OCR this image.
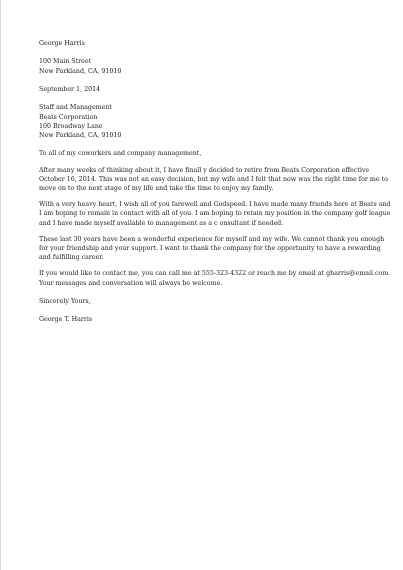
George Harris
100 Main Street
New Parkland, CA, 91010
September 1, 2014
Staff and Management
Beats Corporation
100 Broadway Lane
New Parkland, CA, 91010
To all of my coworkers and company management,
After many weeks of thinking about it, I have finall y decided to retire from Beats Corporation effective October 16, 2014. This was not an easy decision, but my wife and I felt that now was the right time for me to move on to the next stage of my life and take the time to enjoy my family.
With a very heavy heart, I wish all of you farewell and Godspeed. I have made many friends here at Beats and I am hoping to remain in contact with all of you. I am hoping to retain my position in the company golf league and I have made myself available to management as a c onsultant if needed.
These last 30 years have been a wonderful experience for myself and my wife. We cannot thank you enough for your friendship and your support. I want to thank the company for the opportunity to have a rewarding and fulfilling career.
If you would like to contact me, you can call me at 555-323-4322 or reach me by email at gharris@email.com. Your messages and conversation will always be welcome.
Sincerely Yours,
George T. Harris
